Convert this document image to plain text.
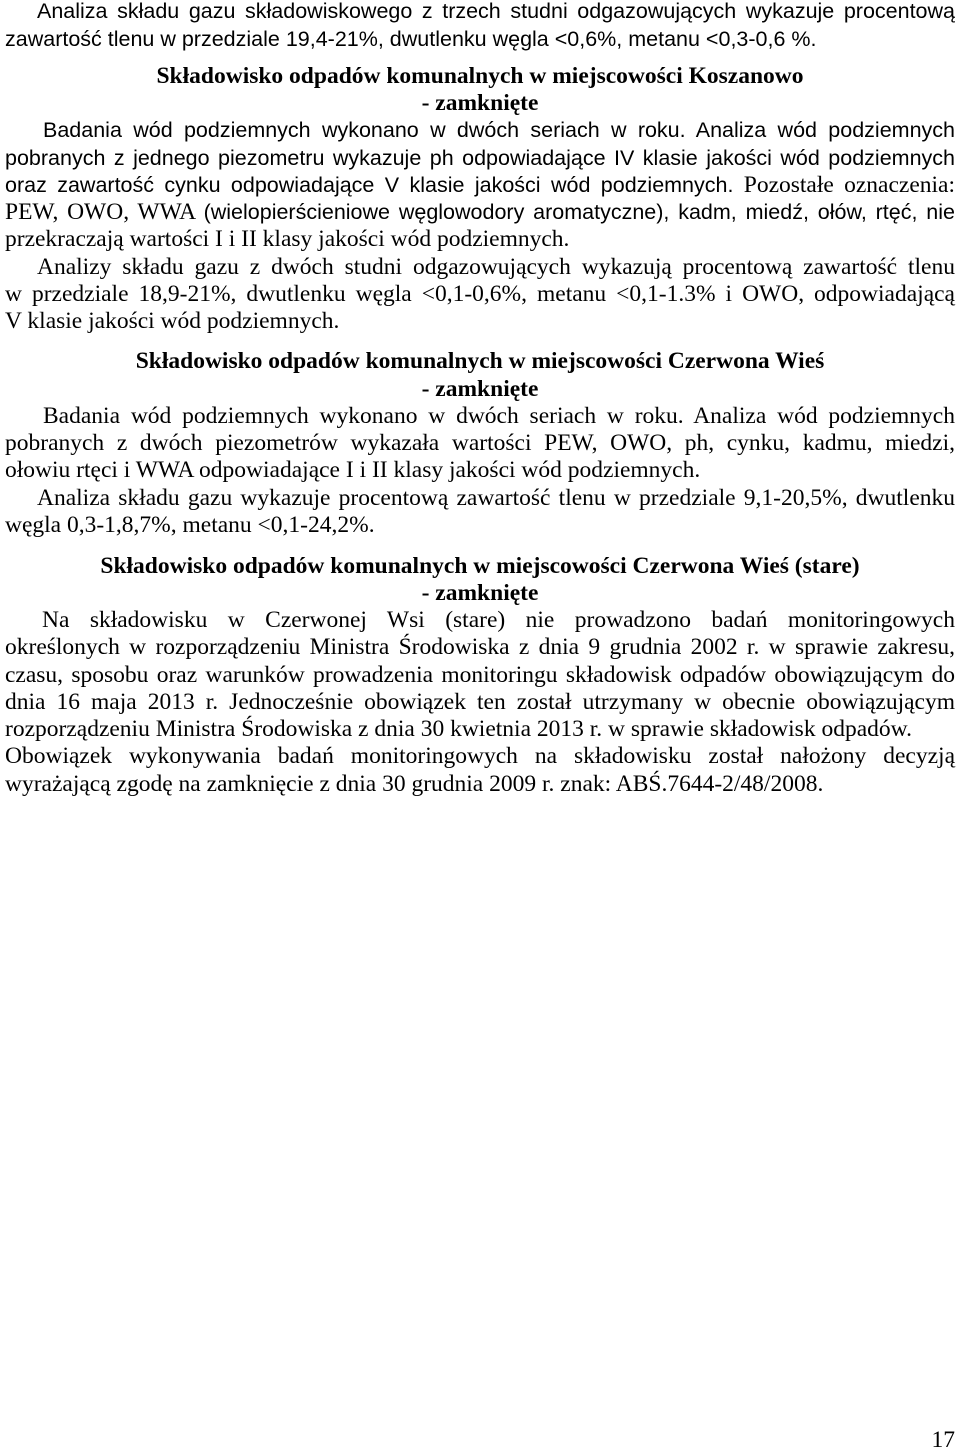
Analiza składu gazu składowiskowego z trzech studni odgazowujących wykazuje procentową
zawartość tlenu w przedziale 19,4-21%, dwutlenku węgla <0,6%, metanu <0,3-0,6 %.
Składowisko odpadów komunalnych w miejscowości Koszanowo
- zamknięte
Badania wód podziemnych wykonano w dwóch seriach w roku. Analiza wód podziemnych
pobranych z jednego piezometru wykazuje ph odpowiadające IV klasie jakości wód podziemnych
oraz zawartość cynku odpowiadające V klasie jakości wód podziemnych. Pozostałe oznaczenia:
PEW, OWO, WWA (wielopierścieniowe węglowodory aromatyczne), kadm, miedź, ołów, rtęć, nie
przekraczają wartości I i II klasy jakości wód podziemnych.
Analizy składu gazu z dwóch studni odgazowujących wykazują procentową zawartość tlenu
w przedziale 18,9-21%, dwutlenku węgla <0,1-0,6%, metanu <0,1-1.3% i OWO, odpowiadającą
V klasie jakości wód podziemnych.
Składowisko odpadów komunalnych w miejscowości Czerwona Wieś
- zamknięte
Badania wód podziemnych wykonano w dwóch seriach w roku. Analiza wód podziemnych
pobranych z dwóch piezometrów wykazała wartości PEW, OWO, ph, cynku, kadmu, miedzi,
ołowiu rtęci i WWA odpowiadające I i II klasy jakości wód podziemnych.
Analiza składu gazu wykazuje procentową zawartość tlenu w przedziale 9,1-20,5%, dwutlenku
węgla 0,3-1,8,7%, metanu <0,1-24,2%.
Składowisko odpadów komunalnych w miejscowości Czerwona Wieś (stare)
- zamknięte
Na składowisku w Czerwonej Wsi (stare) nie prowadzono badań monitoringowych
określonych w rozporządzeniu Ministra Środowiska z dnia 9 grudnia 2002 r. w sprawie zakresu,
czasu, sposobu oraz warunków prowadzenia monitoringu składowisk odpadów obowiązującym do
dnia 16 maja 2013 r. Jednocześnie obowiązek ten został utrzymany w obecnie obowiązującym
rozporządzeniu Ministra Środowiska z dnia 30 kwietnia 2013 r. w sprawie składowisk odpadów.
Obowiązek wykonywania badań monitoringowych na składowisku został nałożony decyzją
wyrażającą zgodę na zamknięcie z dnia 30 grudnia 2009 r. znak: ABŚ.7644-2/48/2008.
17
